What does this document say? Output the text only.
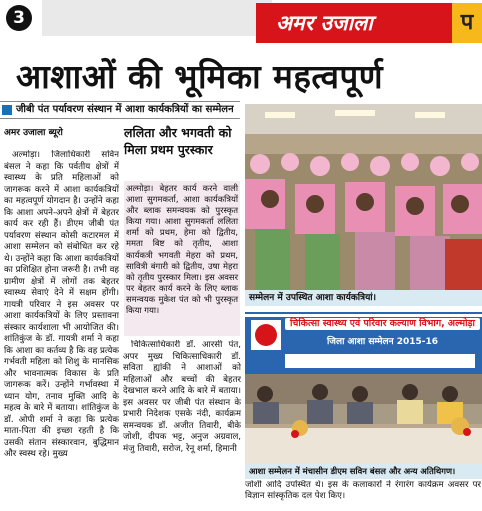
3	अमर उजाला	प
आशाओं की भूमिका महत्वपूर्ण
जीबी पंत पर्यावरण संस्थान में आशा कार्यकत्रियों का सम्मेलन
अमर उजाला ब्यूरो

अल्मोड़ा। जिलाधिकारी सविन बंसल ने कहा कि पर्वतीय क्षेत्रों में स्वास्थ्य के प्रति महिलाओं को जागरूक करने में आशा कार्यकत्रियों का महत्वपूर्ण योगदान है। उन्होंने कहा कि आशा अपने-अपने क्षेत्रों में बेहतर कार्य कर रही हैं। डीएम जीबी पंत पर्यावरण संस्थान कोसी कटारमल में आशा सम्मेलन को संबोधित कर रहे थे। उन्होंने कहा कि आशा कार्यकत्रियों का प्रशिक्षित होना जरूरी है। तभी वह ग्रामीण क्षेत्रों में लोगों तक बेहतर स्वास्थ्य सेवाएं देने में सक्षम होंगी। गायत्री परिवार ने इस अवसर पर आशा कार्यकत्रियों के लिए प्रस्तावना संस्कार कार्यशाला भी आयोजित की। शांतिकुंज के डॉ. गायत्री शर्मा ने कहा कि आशा का कर्तव्य है कि वह प्रत्येक गर्भवती महिला को शिशु के मानसिक और भावनात्मक विकास के प्रति जागरूक करें। उन्होंने गर्भावस्था में ध्यान योग, तनाव मुक्ति आदि के महत्व के बारे में बताया। शांतिकुंज के डॉ. ओपी शर्मा ने कहा कि प्रत्येक माता-पिता की इच्छा रहती है कि उसकी संतान संस्कारवान, बुद्धिमान और स्वस्थ रहे। मुख्य

ललिता और भगवती को मिला प्रथम पुरस्कार
अल्मोड़ा। बेहतर कार्य करने वाली आशा सुगमकर्ता, आशा कार्यकत्रियों और ब्लाक समन्वयक को पुरस्कृत किया गया। आशा सुगमकर्ता ललिता शर्मा को प्रथम, हेमा को द्वितीय, ममता बिष्ट को तृतीय, आशा कार्यकत्री भगवती मेहरा को प्रथम, सावित्री बंगारी को द्वितीय, उषा मेहरा को तृतीय पुरस्कार मिला। इस अवसर पर बेहतर कार्य करने के लिए ब्लाक समन्वयक मुकेश पंत को भी पुरस्कृत किया गया।

चिकित्साधिकारी डॉ. आरसी पंत, अपर मुख्य चिकित्साधिकारी डॉ. सविता ह्यांकी ने आशाओं को महिलाओं और बच्चों की बेहतर देखभाल करने आदि के बारे में बताया। इस अवसर पर जीबी पंत संस्थान के प्रभारी निदेशक एसके नंदी, कार्यक्रम समन्वयक डॉ. अजीत तिवारी, बीके जोशी, दीपक भट्ट, अनुज अग्रवाल, मंजु तिवारी, सरोज, रेनू शर्मा, हिमानी

सम्मेलन में उपस्थित आशा कार्यकत्रियां।
चिकित्सा स्वास्थ्य एवं परिवार कल्याण विभाग, अल्मोड़ा
जिला आशा सम्मेलन 2015-16
आशा सम्मेलन में मंचासीन डीएम सविन बंसल और अन्य अतिथिगण।

जोशी आदि उपस्थित थे। इस के कलाकारों ने रंगारंग कार्यक्रम अवसर पर विज्ञान सांस्कृतिक दल पेश किए।
